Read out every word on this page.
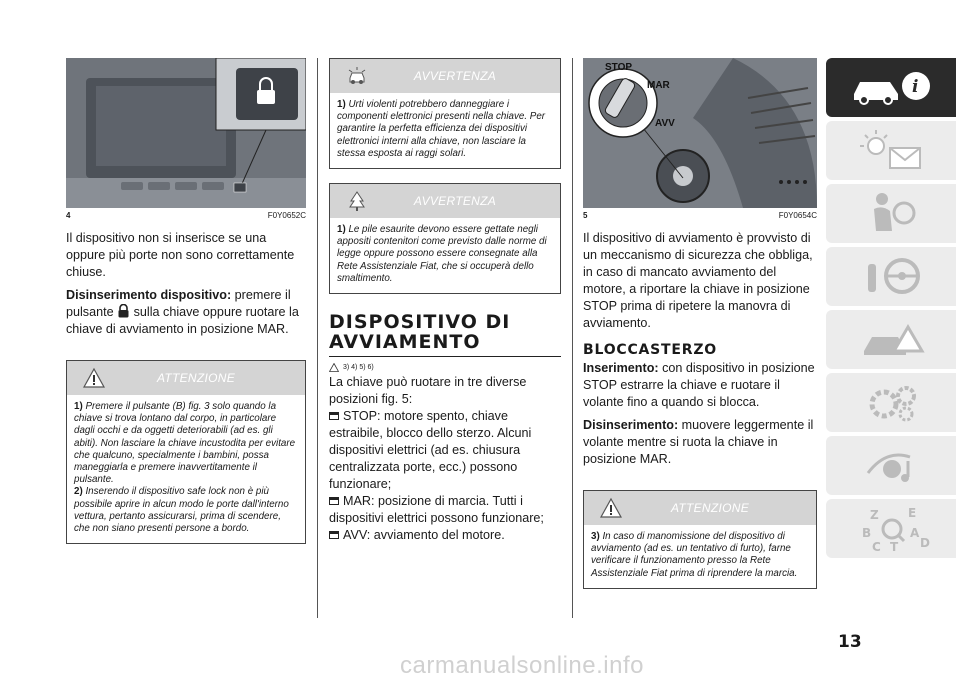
4	F0Y0652C

Il dispositivo non si inserisce se una oppure più porte non sono correttamente chiuse.

Disinserimento dispositivo: premere il pulsante  sulla chiave oppure ruotare la chiave di avviamento in posizione MAR.

ATTENZIONE
1) Premere il pulsante (B) fig. 3 solo quando la chiave si trova lontano dal corpo, in particolare dagli occhi e da oggetti deteriorabili (ad es. gli abiti). Non lasciare la chiave incustodita per evitare che qualcuno, specialmente i bambini, possa maneggiarla e premere inavvertitamente il pulsante.
2) Inserendo il dispositivo safe lock non è più possibile aprire in alcun modo le porte dall'interno vettura, pertanto assicurarsi, prima di scendere, che non siano presenti persone a bordo.
AVVERTENZA
1) Urti violenti potrebbero danneggiare i componenti elettronici presenti nella chiave. Per garantire la perfetta efficienza dei dispositivi elettronici interni alla chiave, non lasciare la stessa esposta ai raggi solari.
AVVERTENZA
1) Le pile esaurite devono essere gettate negli appositi contenitori come previsto dalle norme di legge oppure possono essere consegnate alla Rete Assistenziale Fiat, che si occuperà dello smaltimento.
DISPOSITIVO DI AVVIAMENTO
3) 4) 5) 6)

La chiave può ruotare in tre diverse posizioni fig. 5:

STOP: motore spento, chiave estraibile, blocco dello sterzo. Alcuni dispositivi elettrici (ad es. chiusura centralizzata porte, ecc.) possono funzionare;

MAR: posizione di marcia. Tutti i dispositivi elettrici possono funzionare;

AVV: avviamento del motore.

STOP
MAR
AVV
5	F0Y0654C

Il dispositivo di avviamento è provvisto di un meccanismo di sicurezza che obbliga, in caso di mancato avviamento del motore, a riportare la chiave in posizione STOP prima di ripetere la manovra di avviamento.

BLOCCASTERZO

Inserimento: con dispositivo in posizione STOP estrarre la chiave e ruotare il volante fino a quando si blocca.

Disinserimento: muovere leggermente il volante mentre si ruota la chiave in posizione MAR.

ATTENZIONE
3) In caso di manomissione del dispositivo di avviamento (ad es. un tentativo di furto), farne verificare il funzionamento presso la Rete Assistenziale Fiat prima di riprendere la marcia.
i
Z E
A
B
C T D
13
carmanualsonline.info
